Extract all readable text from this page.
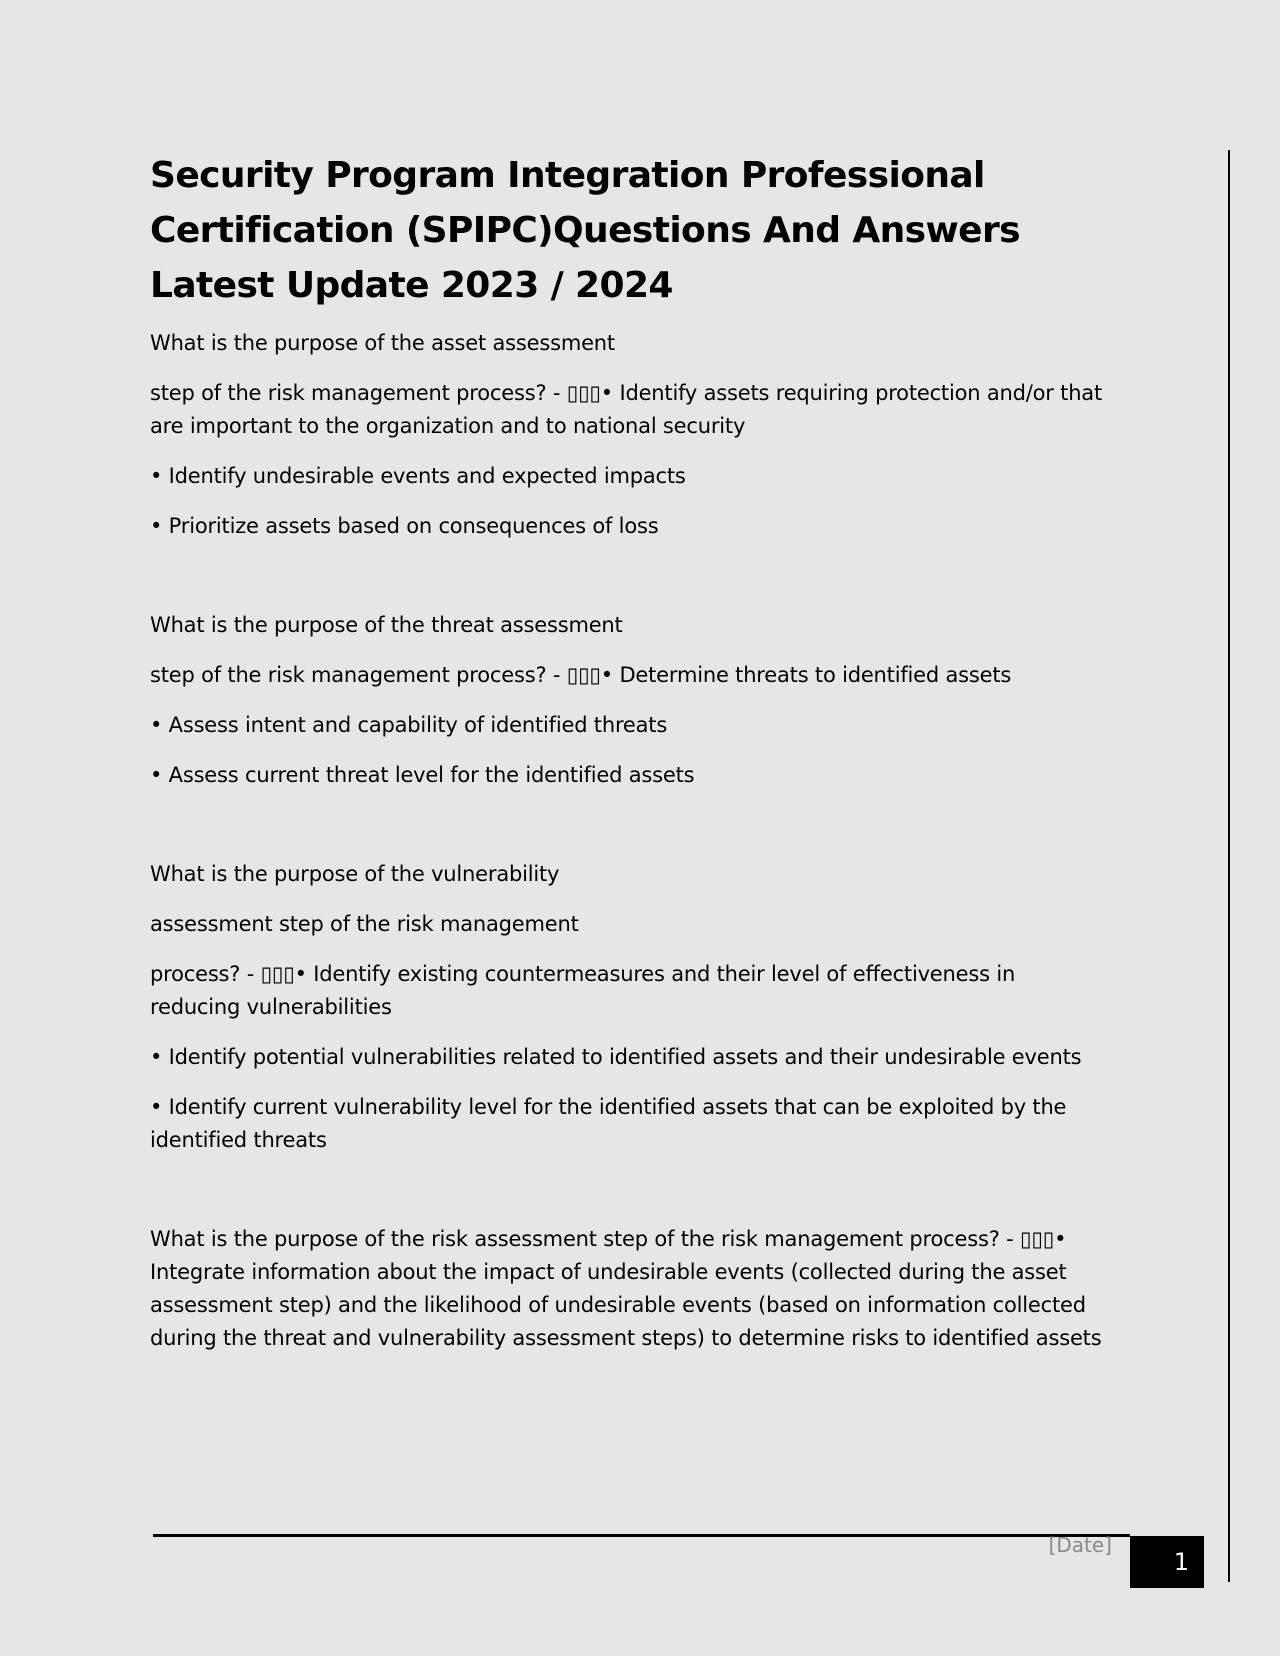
Security Program Integration Professional Certification (SPIPC)Questions And Answers Latest Update 2023 / 2024

What is the purpose of the asset assessment

step of the risk management process? - ▯▯▯• Identify assets requiring protection and/or that are important to the organization and to national security

• Identify undesirable events and expected impacts

• Prioritize assets based on consequences of loss

What is the purpose of the threat assessment

step of the risk management process? - ▯▯▯• Determine threats to identified assets

• Assess intent and capability of identified threats

• Assess current threat level for the identified assets

What is the purpose of the vulnerability

assessment step of the risk management

process? - ▯▯▯• Identify existing countermeasures and their level of effectiveness in reducing vulnerabilities

• Identify potential vulnerabilities related to identified assets and their undesirable events

• Identify current vulnerability level for the identified assets that can be exploited by the identified threats

What is the purpose of the risk assessment step of the risk management process? - ▯▯▯• Integrate information about the impact of undesirable events (collected during the asset assessment step) and the likelihood of undesirable events (based on information collected during the threat and vulnerability assessment steps) to determine risks to identified assets

[Date]
1
